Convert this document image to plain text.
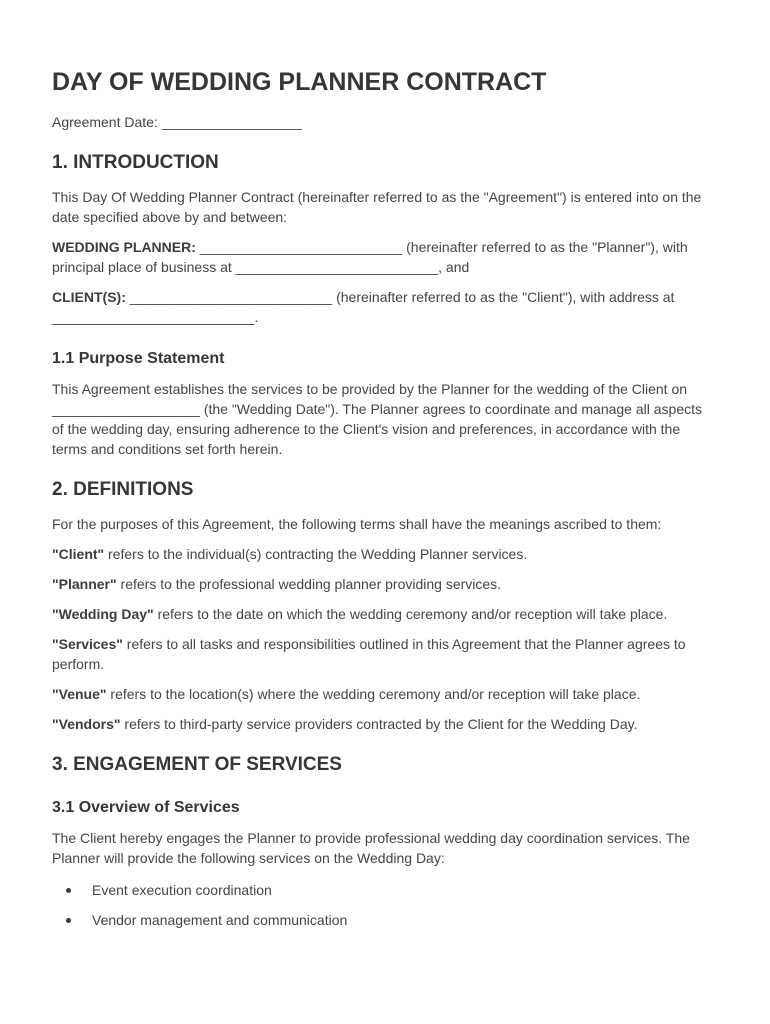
DAY OF WEDDING PLANNER CONTRACT

Agreement Date: __________________

1. INTRODUCTION

This Day Of Wedding Planner Contract (hereinafter referred to as the "Agreement") is entered into on the date specified above by and between:

WEDDING PLANNER: __________________________ (hereinafter referred to as the "Planner"), with principal place of business at __________________________, and

CLIENT(S): __________________________ (hereinafter referred to as the "Client"), with address at __________________________.

1.1 Purpose Statement

This Agreement establishes the services to be provided by the Planner for the wedding of the Client on ___________________ (the "Wedding Date"). The Planner agrees to coordinate and manage all aspects of the wedding day, ensuring adherence to the Client's vision and preferences, in accordance with the terms and conditions set forth herein.

2. DEFINITIONS

For the purposes of this Agreement, the following terms shall have the meanings ascribed to them:

"Client" refers to the individual(s) contracting the Wedding Planner services.

"Planner" refers to the professional wedding planner providing services.

"Wedding Day" refers to the date on which the wedding ceremony and/or reception will take place.

"Services" refers to all tasks and responsibilities outlined in this Agreement that the Planner agrees to perform.

"Venue" refers to the location(s) where the wedding ceremony and/or reception will take place.

"Vendors" refers to third-party service providers contracted by the Client for the Wedding Day.

3. ENGAGEMENT OF SERVICES
3.1 Overview of Services

The Client hereby engages the Planner to provide professional wedding day coordination services. The Planner will provide the following services on the Wedding Day:

Event execution coordination
Vendor management and communication
